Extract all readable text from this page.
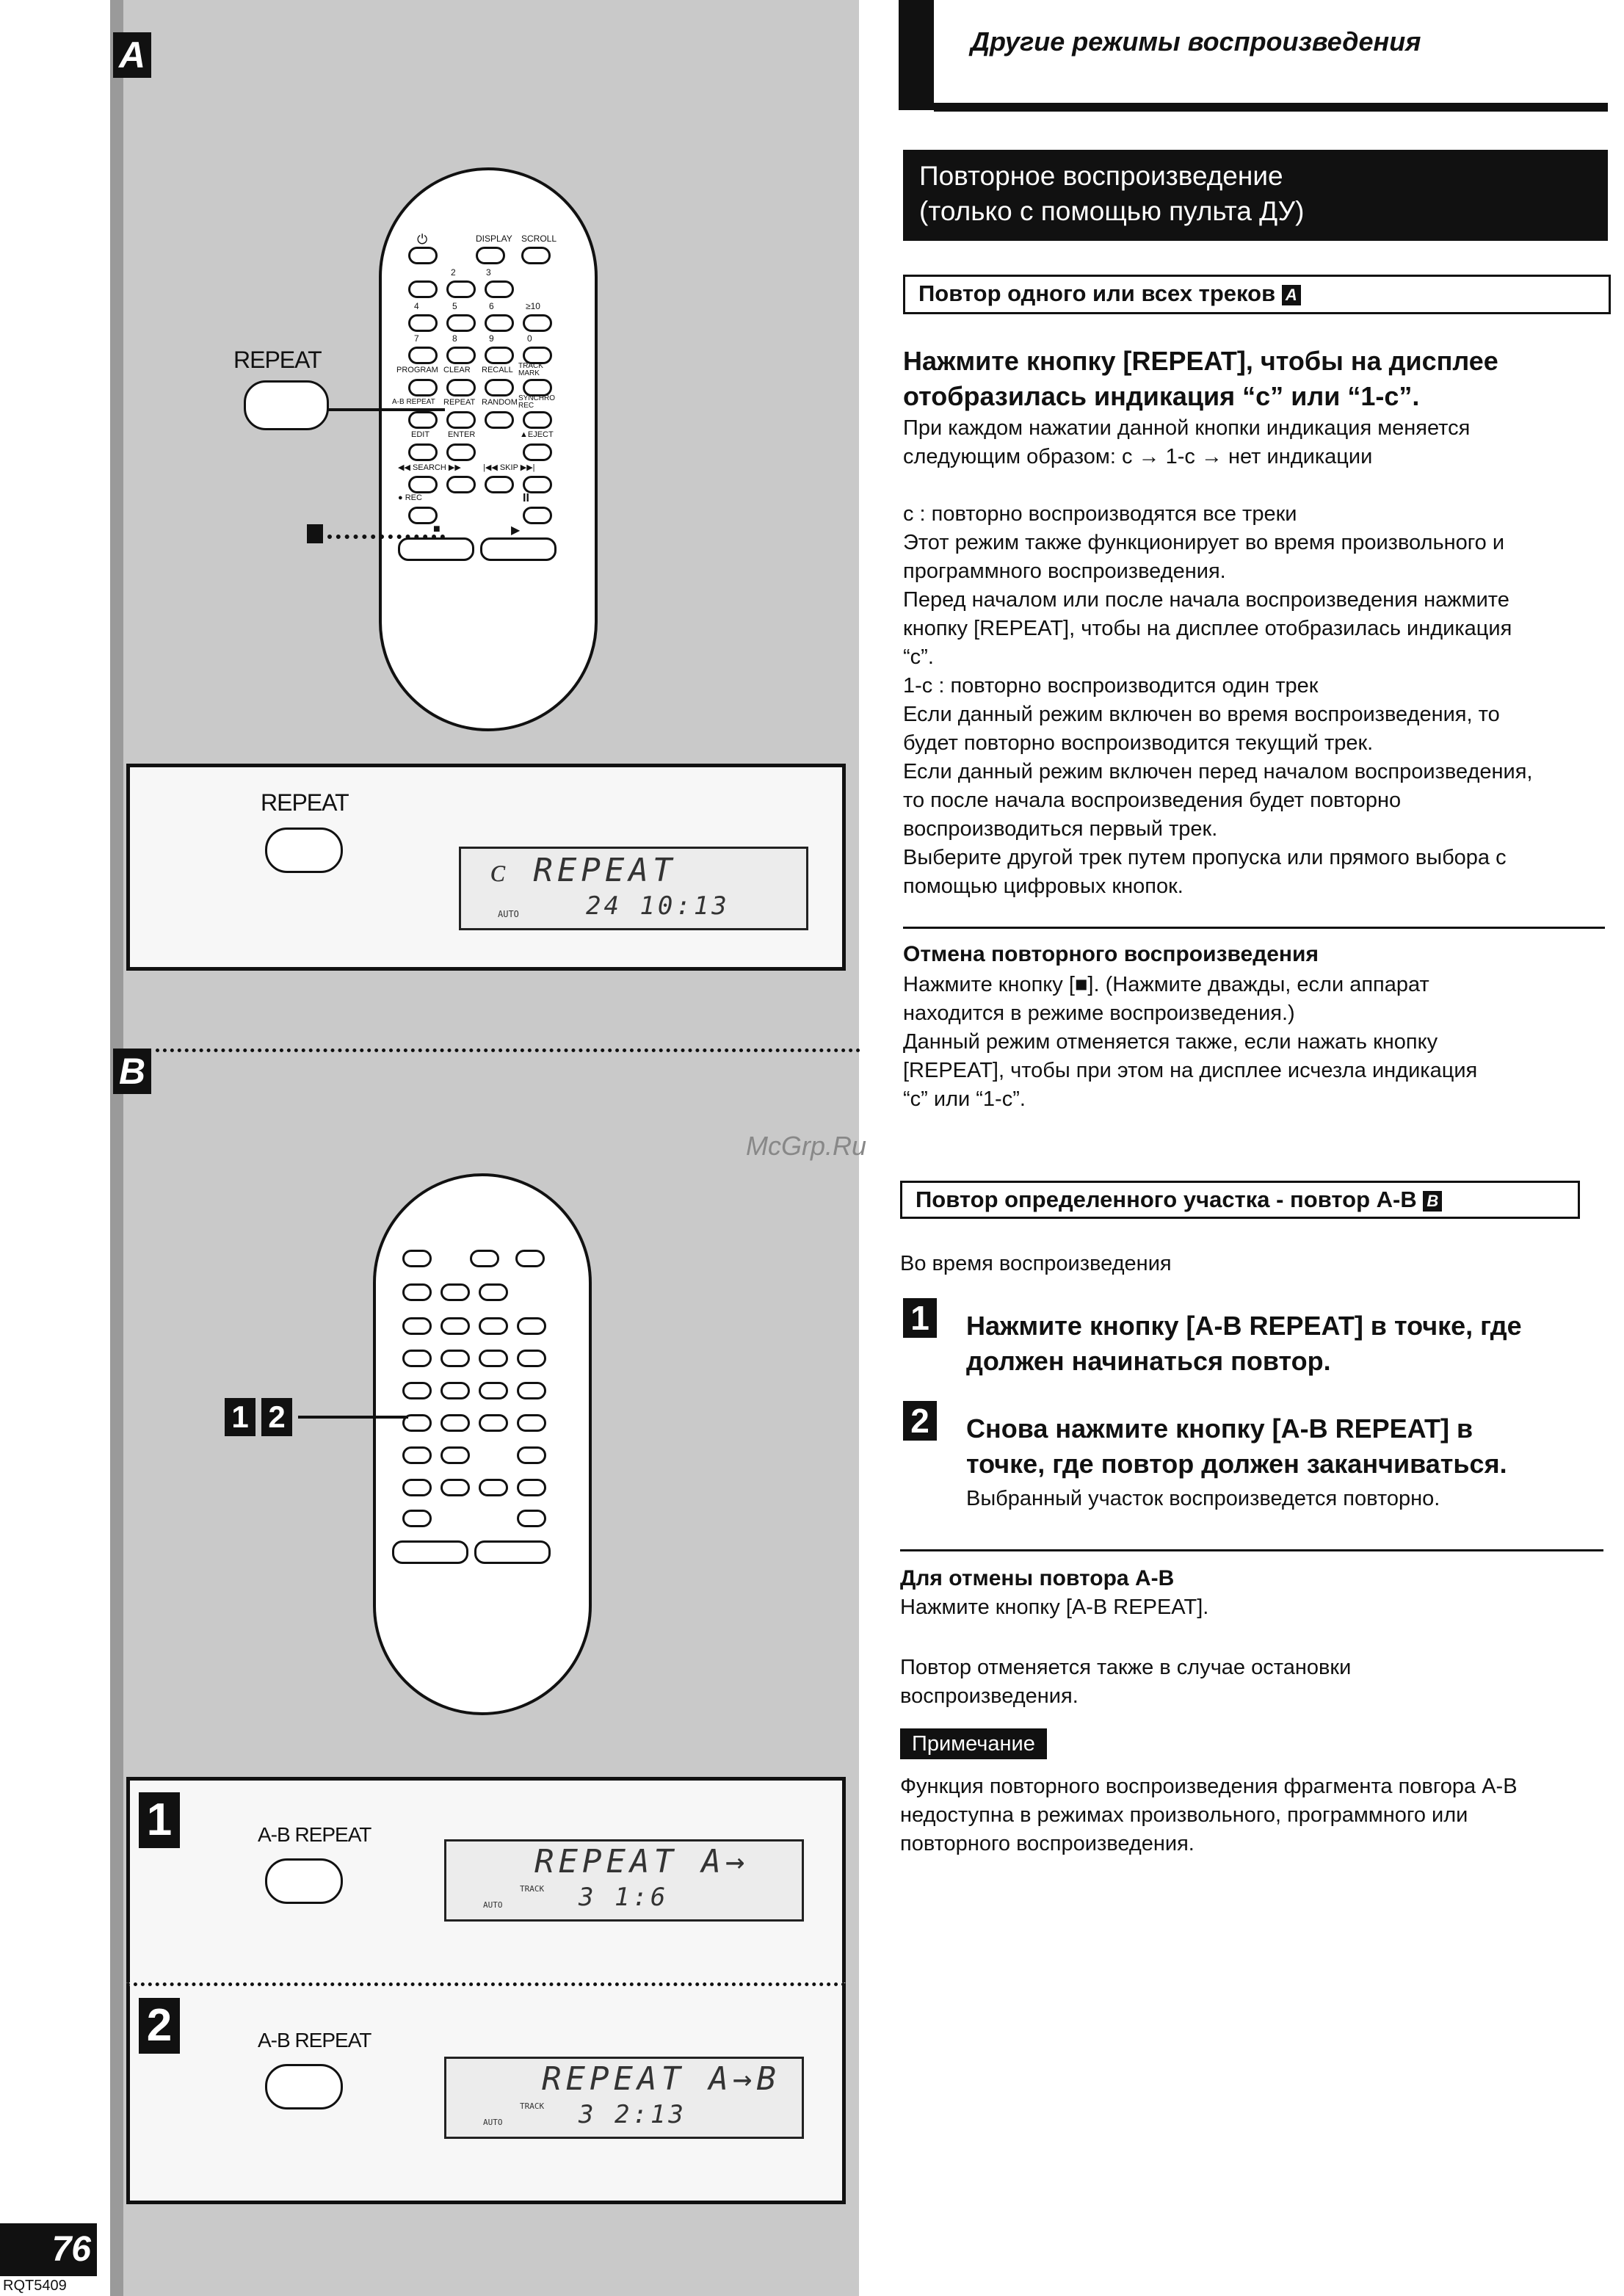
A
⏻	DISPLAY SCROLL
2	3
4	5	6	≥10
7	8	9	0
PROGRAM CLEAR RECALL TRACK MARK
A-B REPEAT REPEAT RANDOM SYNCHRO REC
EDIT ENTER	▲EJECT
◀◀ SEARCH ▶▶	|◀◀ SKIP ▶▶|
● REC	II
■	▶
REPEAT
REPEAT
ᴄ REPEAT
24 10:13
AUTO
B
1 2
1	A-B REPEAT
REPEAT A→
3 1:6
TRACK
AUTO
2	A-B REPEAT
REPEAT A→B
3 2:13
TRACK
AUTO
76
RQT5409
Другие режимы воспроизведения
Повторное воспроизведение
(только с помощью пульта ДУ)
Повтор одного или всех треков A
Нажмите кнопку [REPEAT], чтобы на дисплее
отобразилась индикация “ᴄ” или “1-ᴄ”.
При каждом нажатии данной кнопки индикация меняется
следующим образом: ᴄ → 1-ᴄ → нет индикации
ᴄ : повторно воспроизводятся все треки
Этот режим также функционирует во время произвольного и
программного воспроизведения.
Перед началом или после начала воспроизведения нажмите
кнопку [REPEAT], чтобы на дисплее отобразилась индикация
“ᴄ”.
1-ᴄ : повторно воспроизводится один трек
Если данный режим включен во время воспроизведения, то
будет повторно воспроизводится текущий трек.
Если данный режим включен перед началом воспроизведения,
то после начала воспроизведения будет повторно
воспроизводиться первый трек.
Выберите другой трек путем пропуска или прямого выбора с
помощью цифровых кнопок.
Отмена повторного воспроизведения
Нажмите кнопку [■]. (Нажмите дважды, если аппарат
находится в режиме воспроизведения.)
Данный режим отменяется также, если нажать кнопку
[REPEAT], чтобы при этом на дисплее исчезла индикация
“ᴄ” или “1-ᴄ”.
McGrp.Ru
Повтор определенного участка - повтор A-B B
Во время воспроизведения
1 Нажмите кнопку [A-B REPEAT] в точке, где
должен начинаться повтор.
2 Снова нажмите кнопку [A-B REPEAT] в
точке, где повтор должен заканчиваться.
Выбранный участок воспроизведется повторно.
Для отмены повтора A-B
Нажмите кнопку [A-B REPEAT].
Повтор отменяется также в случае остановки
воспроизведения.
Примечание
Функция повторного воспроизведения фрагмента повгора A-B
недоступна в режимах произвольного, программного или
повторного воспроизведения.
